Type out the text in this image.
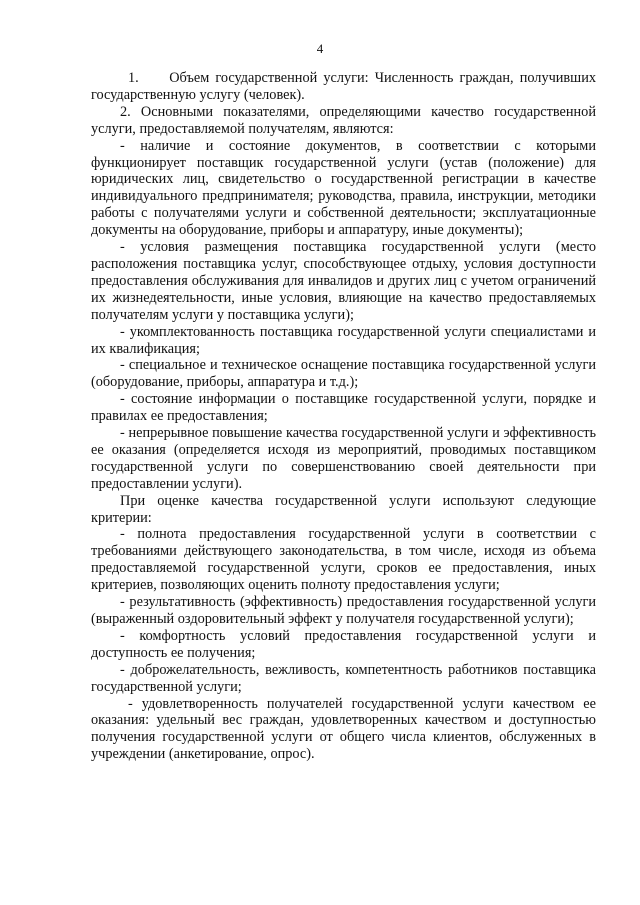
4

1.     Объем государственной услуги: Численность граждан, получивших государственную услугу (человек).

2. Основными показателями, определяющими качество государственной услуги, предоставляемой получателям, являются:

- наличие и состояние документов, в соответствии с которыми функционирует поставщик государственной услуги (устав (положение) для юридических лиц, свидетельство о государственной регистрации в качестве индивидуального предпринимателя; руководства, правила, инструкции, методики работы с получателями услуги и собственной деятельности; эксплуатационные документы на оборудование, приборы и аппаратуру, иные документы);

- условия размещения поставщика государственной услуги (место расположения поставщика услуг, способствующее отдыху, условия доступности предоставления обслуживания для инвалидов и других лиц с учетом ограничений их жизнедеятельности, иные условия, влияющие на качество предоставляемых получателям услуги у поставщика услуги);

- укомплектованность поставщика государственной услуги специалистами и их квалификация;

- специальное и техническое оснащение поставщика государственной услуги (оборудование, приборы, аппаратура и т.д.);

- состояние информации о поставщике государственной услуги, порядке и правилах ее предоставления;

- непрерывное повышение качества государственной услуги и эффективность ее оказания (определяется исходя из мероприятий, проводимых поставщиком государственной услуги по совершенствованию своей деятельности при предоставлении услуги).

При оценке качества государственной услуги используют следующие критерии:

- полнота предоставления государственной услуги в соответствии с требованиями действующего законодательства, в том числе, исходя из объема предоставляемой государственной услуги, сроков ее предоставления, иных критериев, позволяющих оценить полноту предоставления услуги;

- результативность (эффективность) предоставления государственной услуги (выраженный оздоровительный эффект у получателя государственной услуги);

- комфортность условий предоставления государственной услуги и доступность ее получения;

- доброжелательность, вежливость, компетентность работников поставщика государственной услуги;

- удовлетворенность получателей государственной услуги качеством ее оказания: удельный вес граждан, удовлетворенных качеством и доступностью получения государственной услуги от общего числа клиентов, обслуженных в учреждении (анкетирование, опрос).
